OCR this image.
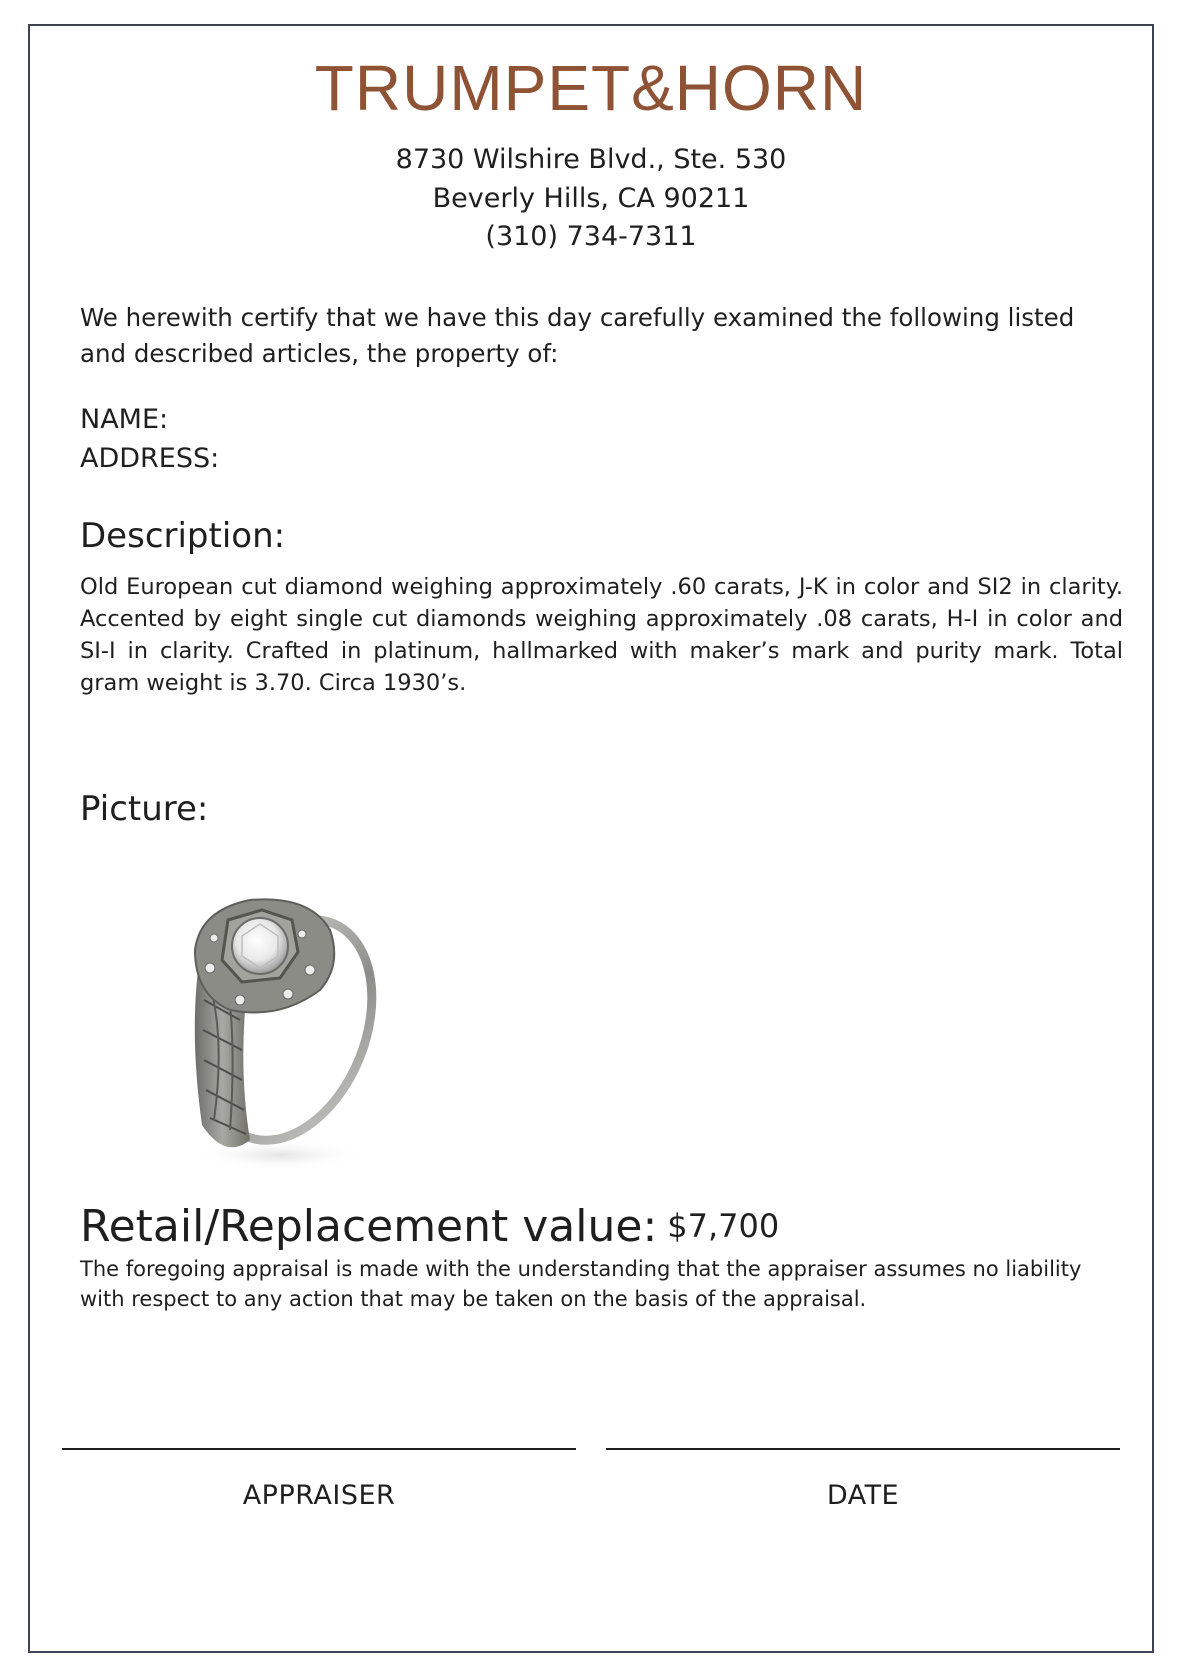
TRUMPET&HORN
8730 Wilshire Blvd., Ste. 530
Beverly Hills, CA 90211
(310) 734-7311
We herewith certify that we have this day carefully examined the following listed and described articles, the property of:
NAME:
ADDRESS:
Description:
Old European cut diamond weighing approximately .60 carats, J-K in color and SI2 in clarity. Accented by eight single cut diamonds weighing approximately .08 carats, H-I in color and SI-I in clarity. Crafted in platinum, hallmarked with maker’s mark and purity mark. Total gram weight is 3.70. Circa 1930’s.
Picture:
Retail/Replacement value: $7,700
The foregoing appraisal is made with the understanding that the appraiser assumes no liability with respect to any action that may be taken on the basis of the appraisal.
APPRAISER	DATE
